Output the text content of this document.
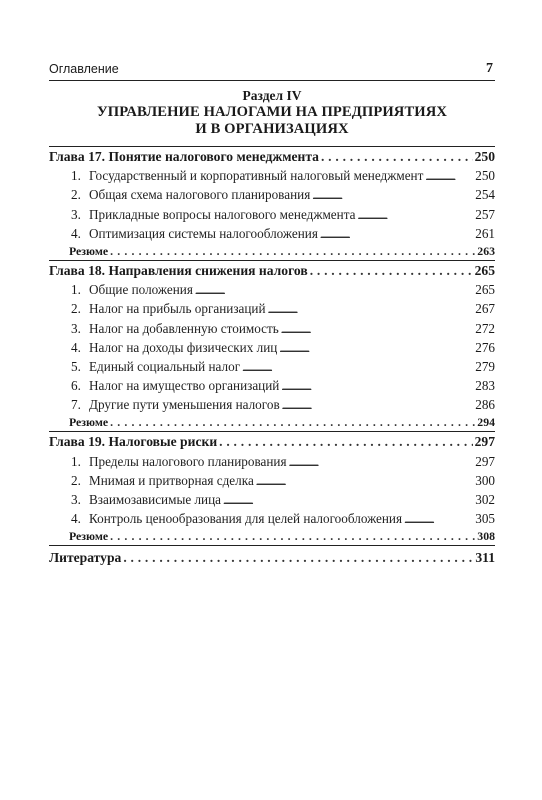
Оглавление	7
Раздел IV
УПРАВЛЕНИЕ НАЛОГАМИ НА ПРЕДПРИЯТИЯХ
И В ОРГАНИЗАЦИЯХ
Глава 17. Понятие налогового менеджмента . . .	250
1. Государственный и корпоративный налоговый менеджмент . . .	250
2. Общая схема налогового планирования . . .	254
3. Прикладные вопросы налогового менеджмента . . .	257
4. Оптимизация системы налогообложения . . .	261
Резюме . . .	263
Глава 18. Направления снижения налогов . . .	265
1. Общие положения . . .	265
2. Налог на прибыль организаций . . .	267
3. Налог на добавленную стоимость . . .	272
4. Налог на доходы физических лиц . . .	276
5. Единый социальный налог . . .	279
6. Налог на имущество организаций . . .	283
7. Другие пути уменьшения налогов . . .	286
Резюме . . .	294
Глава 19. Налоговые риски . . .	297
1. Пределы налогового планирования . . .	297
2. Мнимая и притворная сделка . . .	300
3. Взаимозависимые лица . . .	302
4. Контроль ценообразования для целей налогообложения . . .	305
Резюме . . .	308
Литература . . .	311
